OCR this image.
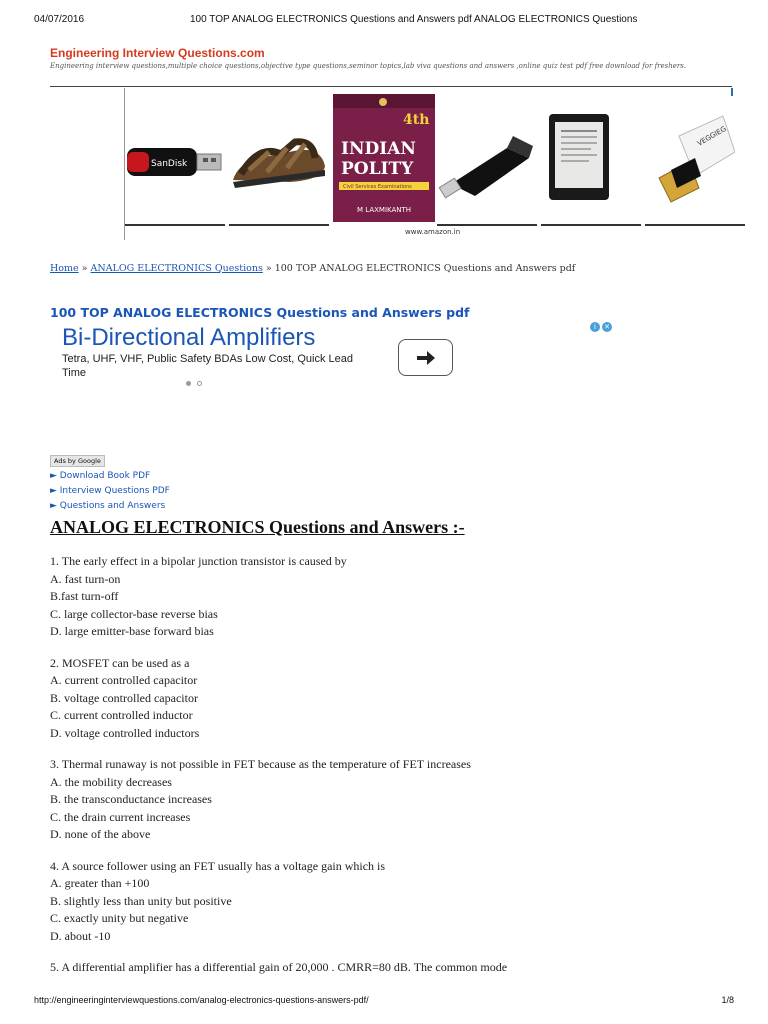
04/07/2016	100 TOP ANALOG ELECTRONICS Questions and Answers pdf ANALOG ELECTRONICS Questions
Engineering Interview Questions.com
Engineering interview questions,multiple choice questions,objective type questions,seminor topics,lab viva questions and answers ,online quiz test pdf free download for freshers.
SanDisk
4th
INDIAN
POLITY
Civil Services Examinations
M LAXMIKANTH
VEGGIEG
www.amazon.in
Home » ANALOG ELECTRONICS Questions » 100 TOP ANALOG ELECTRONICS Questions and Answers pdf
100 TOP ANALOG ELECTRONICS Questions and Answers pdf
Bi-Directional Amplifiers
Tetra, UHF, VHF, Public Safety BDAs Low Cost, Quick Lead Time
i	✕
Ads by Google
► Download Book PDF
► Interview Questions PDF
► Questions and Answers
ANALOG ELECTRONICS Questions and Answers :-
1. The early effect in a bipolar junction transistor is caused by
A. fast turn-on
B.fast turn-off
C. large collector-base reverse bias
D. large emitter-base forward bias
2. MOSFET can be used as a
A. current controlled capacitor
B. voltage controlled capacitor
C. current controlled inductor
D. voltage controlled inductors
3. Thermal runaway is not possible in FET because as the temperature of FET increases
A. the mobility decreases
B. the transconductance increases
C. the drain current increases
D. none of the above
4. A source follower using an FET usually has a voltage gain which is
A. greater than +100
B. slightly less than unity but positive
C. exactly unity but negative
D. about -10
5. A differential amplifier has a differential gain of 20,000 . CMRR=80 dB. The common mode
http://engineeringinterviewquestions.com/analog-electronics-questions-answers-pdf/	1/8
